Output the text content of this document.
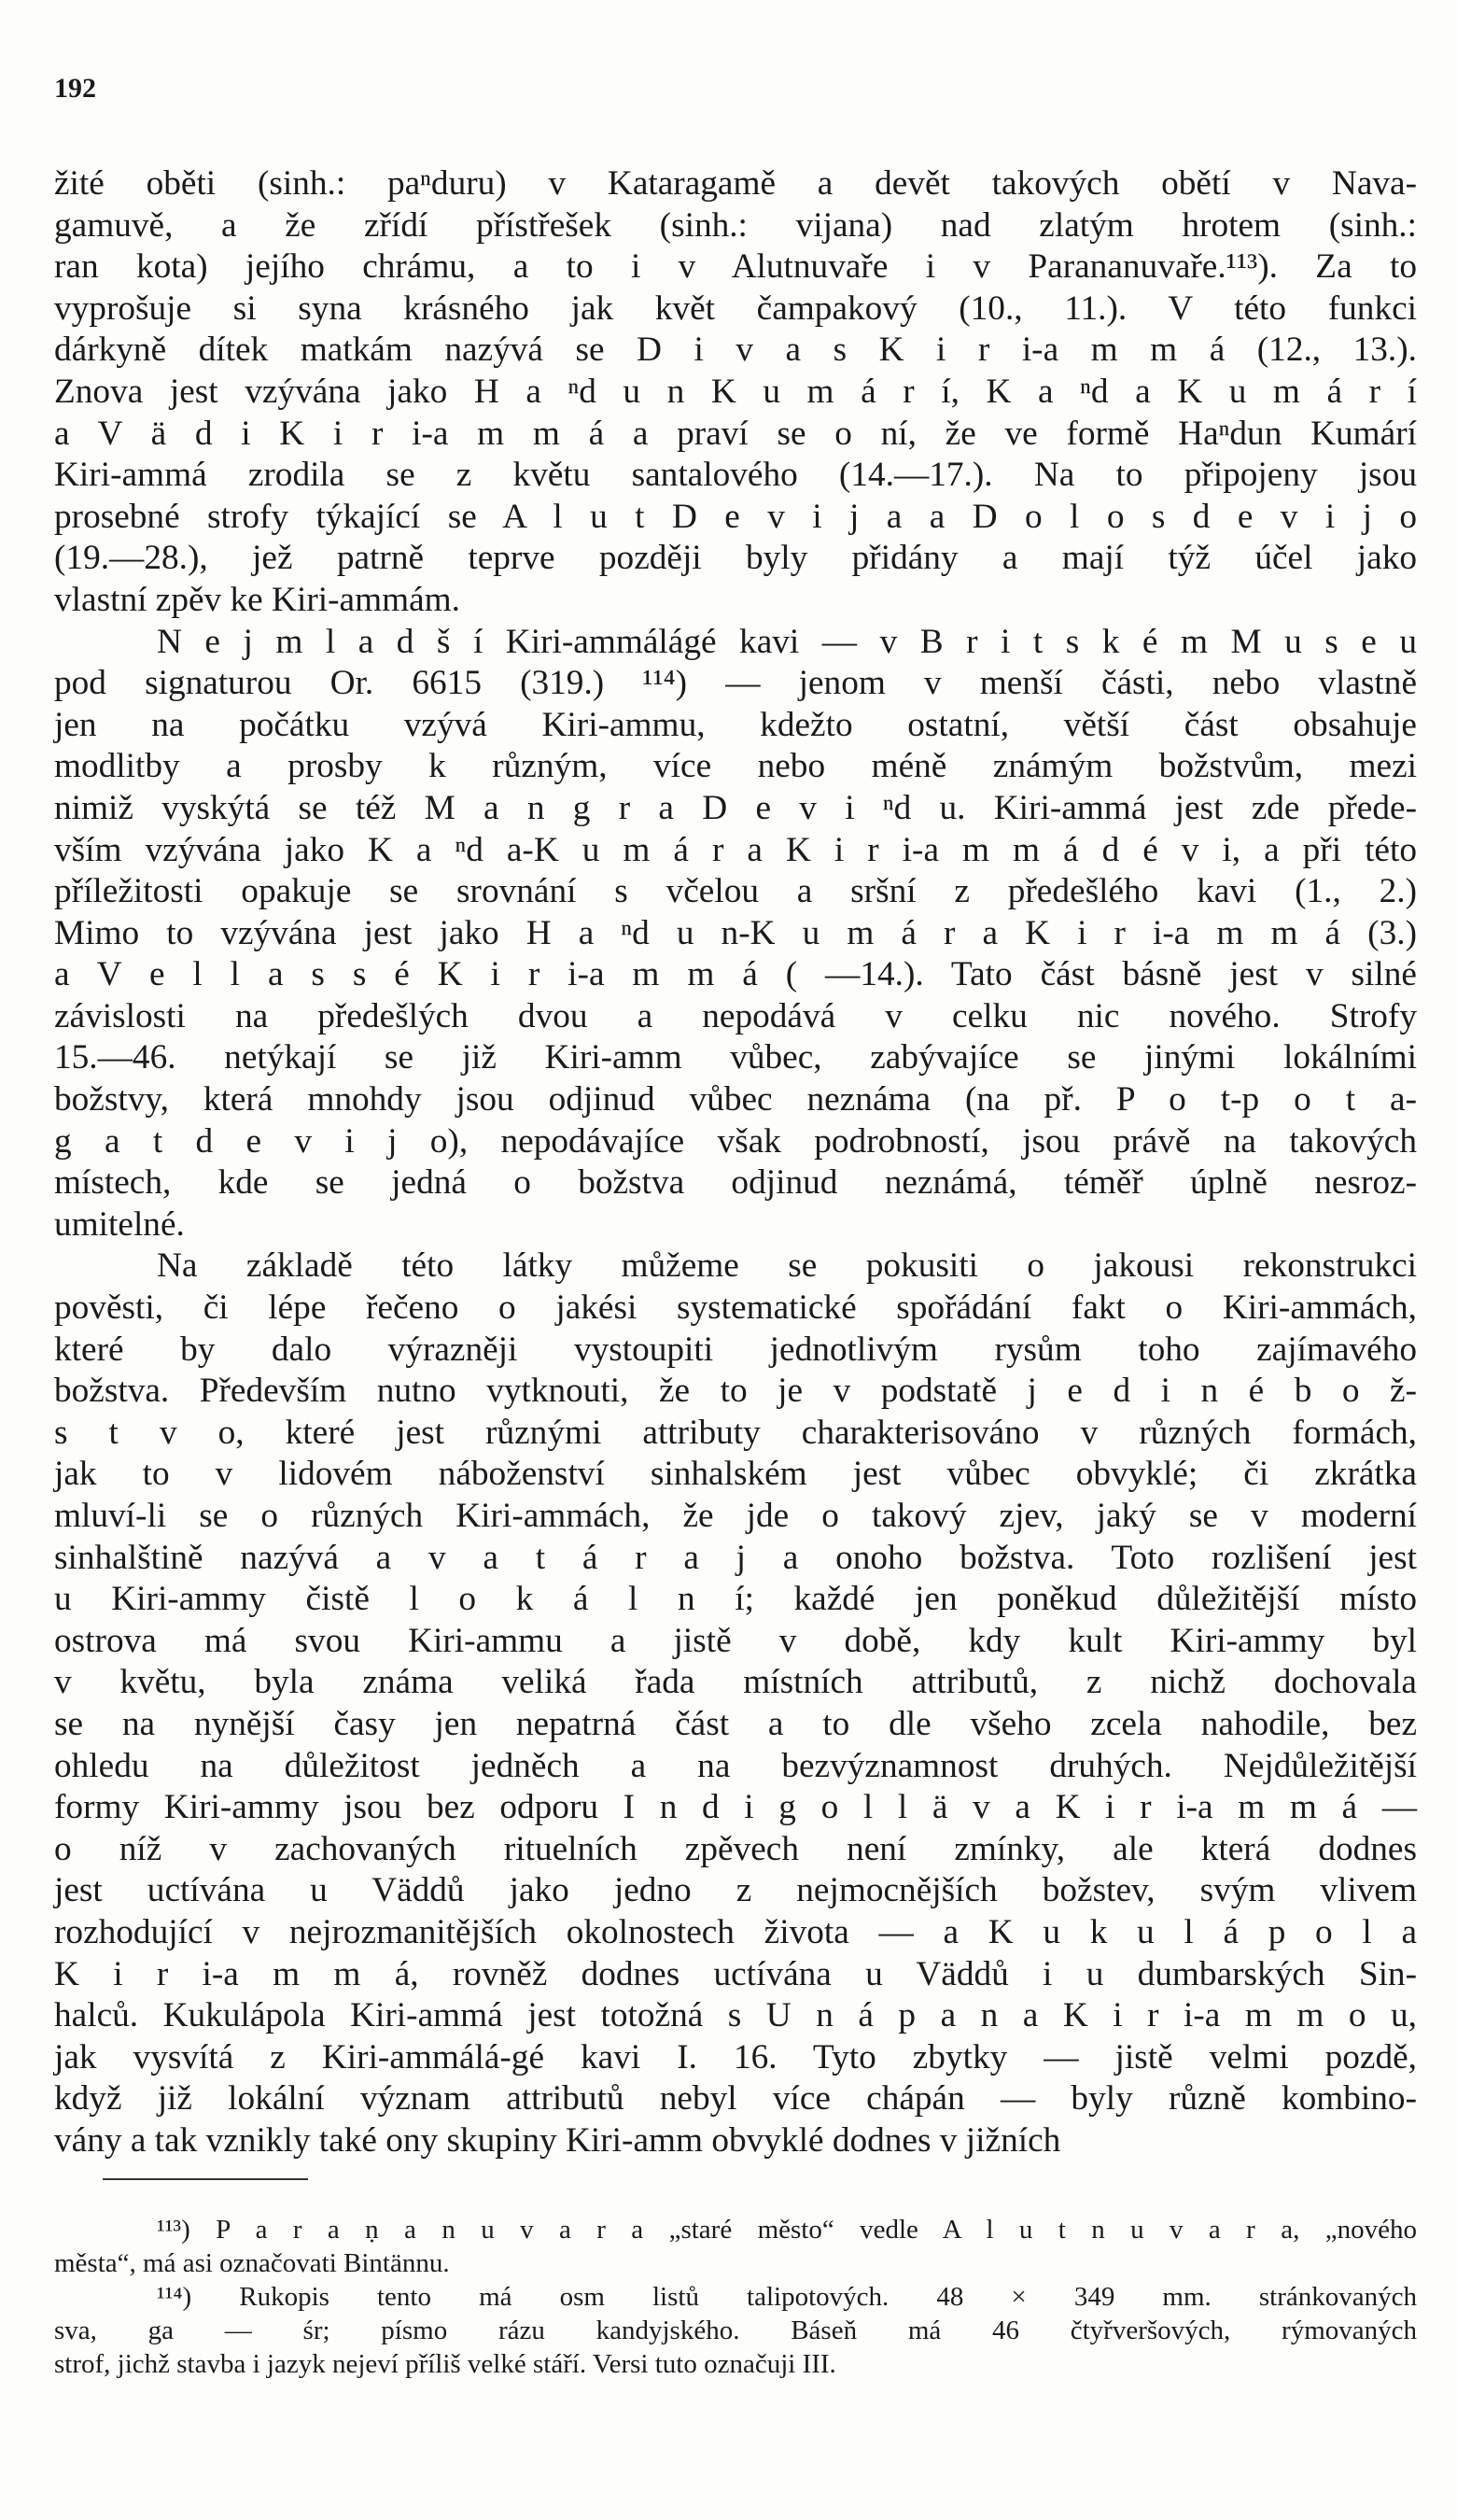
192
žité oběti (sinh.: paⁿduru) v Kataragamě a devět takových obětí v Nava-
gamuvě, a že zřídí přístřešek (sinh.: vijana) nad zlatým hrotem (sinh.:
ran kota) jejího chrámu, a to i v Alutnuvaře i v Parananuvaře.¹¹³). Za to
vyprošuje si syna krásného jak květ čampakový (10., 11.). V této funkci
dárkyně dítek matkám nazývá se D i v a s K i r i-a m m á (12., 13.).
Znova jest vzývána jako H a ⁿd u n K u m á r í, K a ⁿd a K u m á r í
a V ä d i K i r i-a m m á a praví se o ní, že ve formě Haⁿdun Kumárí
Kiri-ammá zrodila se z květu santalového (14.—17.). Na to připojeny jsou
prosebné strofy týkající se A l u t D e v i j a a D o l o s d e v i j o
(19.—28.), jež patrně teprve později byly přidány a mají týž účel jako
vlastní zpěv ke Kiri-ammám.
N e j m l a d š í Kiri-ammálágé kavi — v B r i t s k é m M u s e u
pod signaturou Or. 6615 (319.) ¹¹⁴) — jenom v menší části, nebo vlastně
jen na počátku vzývá Kiri-ammu, kdežto ostatní, větší část obsahuje
modlitby a prosby k různým, více nebo méně známým božstvům, mezi
nimiž vyskýtá se též M a n g r a D e v i ⁿd u. Kiri-ammá jest zde přede-
vším vzývána jako K a ⁿd a-K u m á r a K i r i-a m m á d é v i, a při této
příležitosti opakuje se srovnání s včelou a sršní z předešlého kavi (1., 2.)
Mimo to vzývána jest jako H a ⁿd u n-K u m á r a K i r i-a m m á (3.)
a V e l l a s s é K i r i-a m m á ( —14.). Tato část básně jest v silné
závislosti na předešlých dvou a nepodává v celku nic nového. Strofy
15.—46. netýkají se již Kiri-amm vůbec, zabývajíce se jinými lokálními
božstvy, která mnohdy jsou odjinud vůbec neznáma (na př. P o t-p o t a-
g a t d e v i j o), nepodávajíce však podrobností, jsou právě na takových
místech, kde se jedná o božstva odjinud neznámá, téměř úplně nesroz-
umitelné.
Na základě této látky můžeme se pokusiti o jakousi rekonstrukci
pověsti, či lépe řečeno o jakési systematické spořádání fakt o Kiri-ammách,
které by dalo výrazněji vystoupiti jednotlivým rysům toho zajímavého
božstva. Především nutno vytknouti, že to je v podstatě j e d i n é b o ž-
s t v o, které jest různými attributy charakterisováno v různých formách,
jak to v lidovém náboženství sinhalském jest vůbec obvyklé; či zkrátka
mluví-li se o různých Kiri-ammách, že jde o takový zjev, jaký se v moderní
sinhalštině nazývá a v a t á r a j a onoho božstva. Toto rozlišení jest
u Kiri-ammy čistě l o k á l n í; každé jen poněkud důležitější místo
ostrova má svou Kiri-ammu a jistě v době, kdy kult Kiri-ammy byl
v květu, byla známa veliká řada místních attributů, z nichž dochovala
se na nynější časy jen nepatrná část a to dle všeho zcela nahodile, bez
ohledu na důležitost jedněch a na bezvýznamnost druhých. Nejdůležitější
formy Kiri-ammy jsou bez odporu I n d i g o l l ä v a K i r i-a m m á —
o níž v zachovaných rituelních zpěvech není zmínky, ale která dodnes
jest uctívána u Väddů jako jedno z nejmocnějších božstev, svým vlivem
rozhodující v nejrozmanitějších okolnostech života — a K u k u l á p o l a
K i r i-a m m á, rovněž dodnes uctívána u Väddů i u dumbarských Sin-
halců. Kukulápola Kiri-ammá jest totožná s U n á p a n a K i r i-a m m o u,
jak vysvítá z Kiri-ammálá-gé kavi I. 16. Tyto zbytky — jistě velmi pozdě,
když již lokální význam attributů nebyl více chápán — byly různě kombino-
vány a tak vznikly také ony skupiny Kiri-amm obvyklé dodnes v jižních
¹¹³) P a r a ṇ a n u v a r a „staré město“ vedle A l u t n u v a r a, „nového
města“, má asi označovati Bintännu.
¹¹⁴) Rukopis tento má osm listů talipotových. 48 × 349 mm. stránkovaných
sva, ga — śr; písmo rázu kandyjského. Báseň má 46 čtyřveršových, rýmovaných
strof, jichž stavba i jazyk nejeví příliš velké stáří. Versi tuto označuji III.
